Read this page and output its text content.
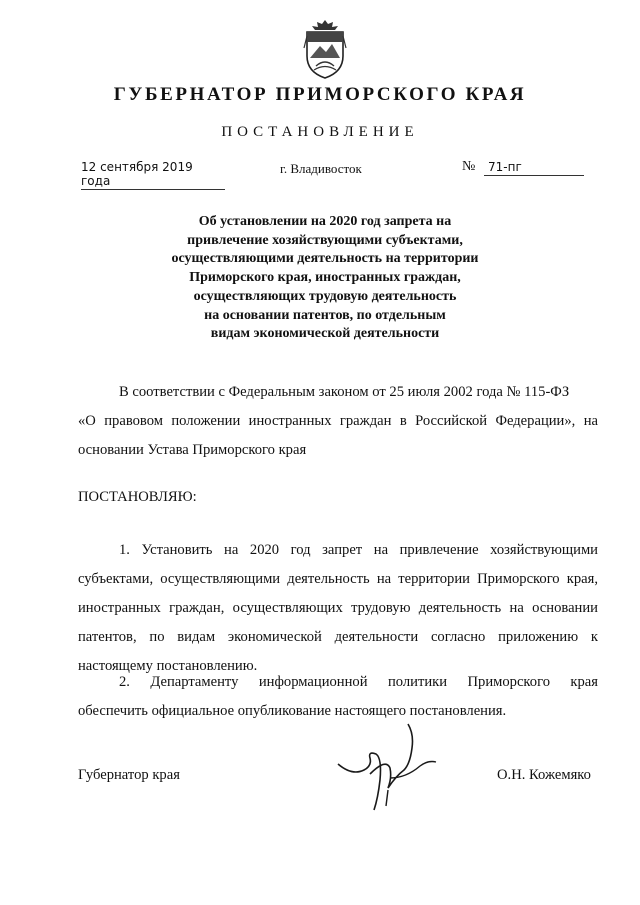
ГУБЕРНАТОР ПРИМОРСКОГО КРАЯ
ПОСТАНОВЛЕНИЕ
12 сентября 2019 года
г. Владивосток	№	71-пг
Об установлении на 2020 год запрета на
привлечение хозяйствующими субъектами,
осуществляющими деятельность на территории
Приморского края, иностранных граждан,
осуществляющих трудовую деятельность
на основании патентов, по отдельным
видам экономической деятельности
В соответствии с Федеральным законом от 25 июля 2002 года № 115-ФЗ
«О правовом положении иностранных граждан в Российской Федерации», на
основании Устава Приморского края
ПОСТАНОВЛЯЮ:
1. Установить на 2020 год запрет на привлечение хозяйствующими
субъектами, осуществляющими деятельность на территории Приморского края,
иностранных граждан, осуществляющих трудовую деятельность на основании
патентов, по видам экономической деятельности согласно приложению к
настоящему постановлению.
2. Департаменту информационной политики Приморского края
обеспечить официальное опубликование настоящего постановления.
Губернатор края	О.Н. Кожемяко
